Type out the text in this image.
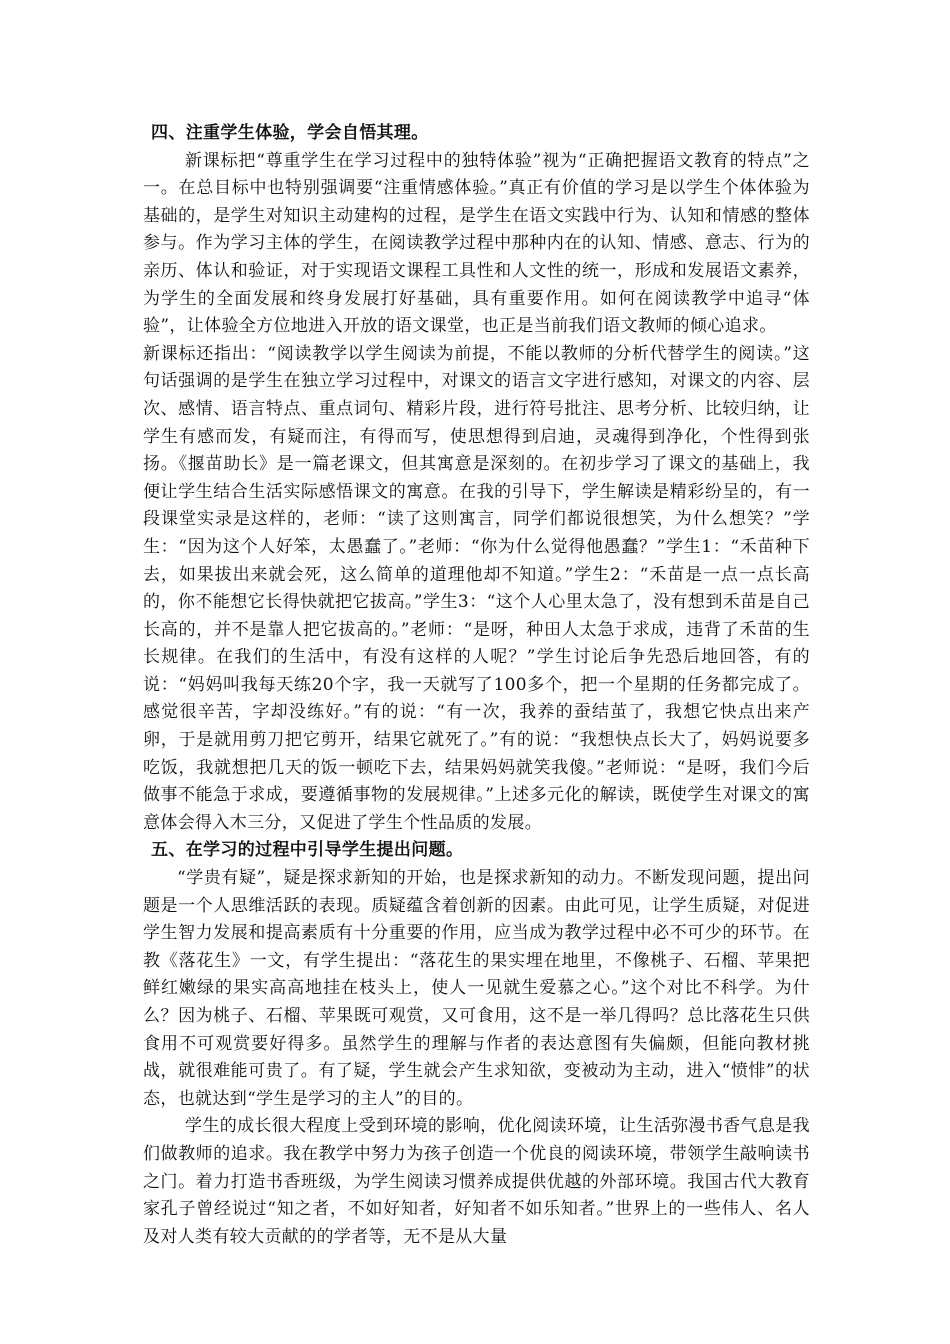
四、注重学生体验，学会自悟其理。

新课标把“尊重学生在学习过程中的独特体验”视为“正确把握语文教育的特点”之一。在总目标中也特别强调要“注重情感体验。”真正有价值的学习是以学生个体体验为基础的，是学生对知识主动建构的过程，是学生在语文实践中行为、认知和情感的整体参与。作为学习主体的学生，在阅读教学过程中那种内在的认知、情感、意志、行为的亲历、体认和验证，对于实现语文课程工具性和人文性的统一，形成和发展语文素养，为学生的全面发展和终身发展打好基础，具有重要作用。如何在阅读教学中追寻“体验”，让体验全方位地进入开放的语文课堂，也正是当前我们语文教师的倾心追求。

新课标还指出：“阅读教学以学生阅读为前提，不能以教师的分析代替学生的阅读。”这句话强调的是学生在独立学习过程中，对课文的语言文字进行感知，对课文的内容、层次、感情、语言特点、重点词句、精彩片段，进行符号批注、思考分析、比较归纳，让学生有感而发，有疑而注，有得而写，使思想得到启迪，灵魂得到净化，个性得到张扬。《揠苗助长》是一篇老课文，但其寓意是深刻的。在初步学习了课文的基础上，我便让学生结合生活实际感悟课文的寓意。在我的引导下，学生解读是精彩纷呈的，有一段课堂实录是这样的，老师：“读了这则寓言，同学们都说很想笑，为什么想笑？”学生：“因为这个人好笨，太愚蠢了。”老师：“你为什么觉得他愚蠢？”学生1：“禾苗种下去，如果拔出来就会死，这么简单的道理他却不知道。”学生2：“禾苗是一点一点长高的，你不能想它长得快就把它拔高。”学生3：“这个人心里太急了，没有想到禾苗是自己长高的，并不是靠人把它拔高的。”老师：“是呀，种田人太急于求成，违背了禾苗的生长规律。在我们的生活中，有没有这样的人呢？”学生讨论后争先恐后地回答，有的说：“妈妈叫我每天练20个字，我一天就写了100多个，把一个星期的任务都完成了。感觉很辛苦，字却没练好。”有的说：“有一次，我养的蚕结茧了，我想它快点出来产卵，于是就用剪刀把它剪开，结果它就死了。”有的说：“我想快点长大了，妈妈说要多吃饭，我就想把几天的饭一顿吃下去，结果妈妈就笑我傻。”老师说：“是呀，我们今后做事不能急于求成，要遵循事物的发展规律。”上述多元化的解读，既使学生对课文的寓意体会得入木三分，又促进了学生个性品质的发展。

五、在学习的过程中引导学生提出问题。

“学贵有疑”，疑是探求新知的开始，也是探求新知的动力。不断发现问题，提出问题是一个人思维活跃的表现。质疑蕴含着创新的因素。由此可见，让学生质疑，对促进学生智力发展和提高素质有十分重要的作用，应当成为教学过程中必不可少的环节。在教《落花生》一文，有学生提出：“落花生的果实埋在地里，不像桃子、石榴、苹果把鲜红嫩绿的果实高高地挂在枝头上，使人一见就生爱慕之心。”这个对比不科学。为什么？因为桃子、石榴、苹果既可观赏，又可食用，这不是一举几得吗？总比落花生只供食用不可观赏要好得多。虽然学生的理解与作者的表达意图有失偏颇，但能向教材挑战，就很难能可贵了。有了疑，学生就会产生求知欲，变被动为主动，进入“愤悱”的状态，也就达到“学生是学习的主人”的目的。

学生的成长很大程度上受到环境的影响，优化阅读环境，让生活弥漫书香气息是我们做教师的追求。我在教学中努力为孩子创造一个优良的阅读环境，带领学生敲响读书之门。着力打造书香班级，为学生阅读习惯养成提供优越的外部环境。我国古代大教育家孔子曾经说过“知之者，不如好知者，好知者不如乐知者。”世界上的一些伟人、名人及对人类有较大贡献的的学者等，无不是从大量
